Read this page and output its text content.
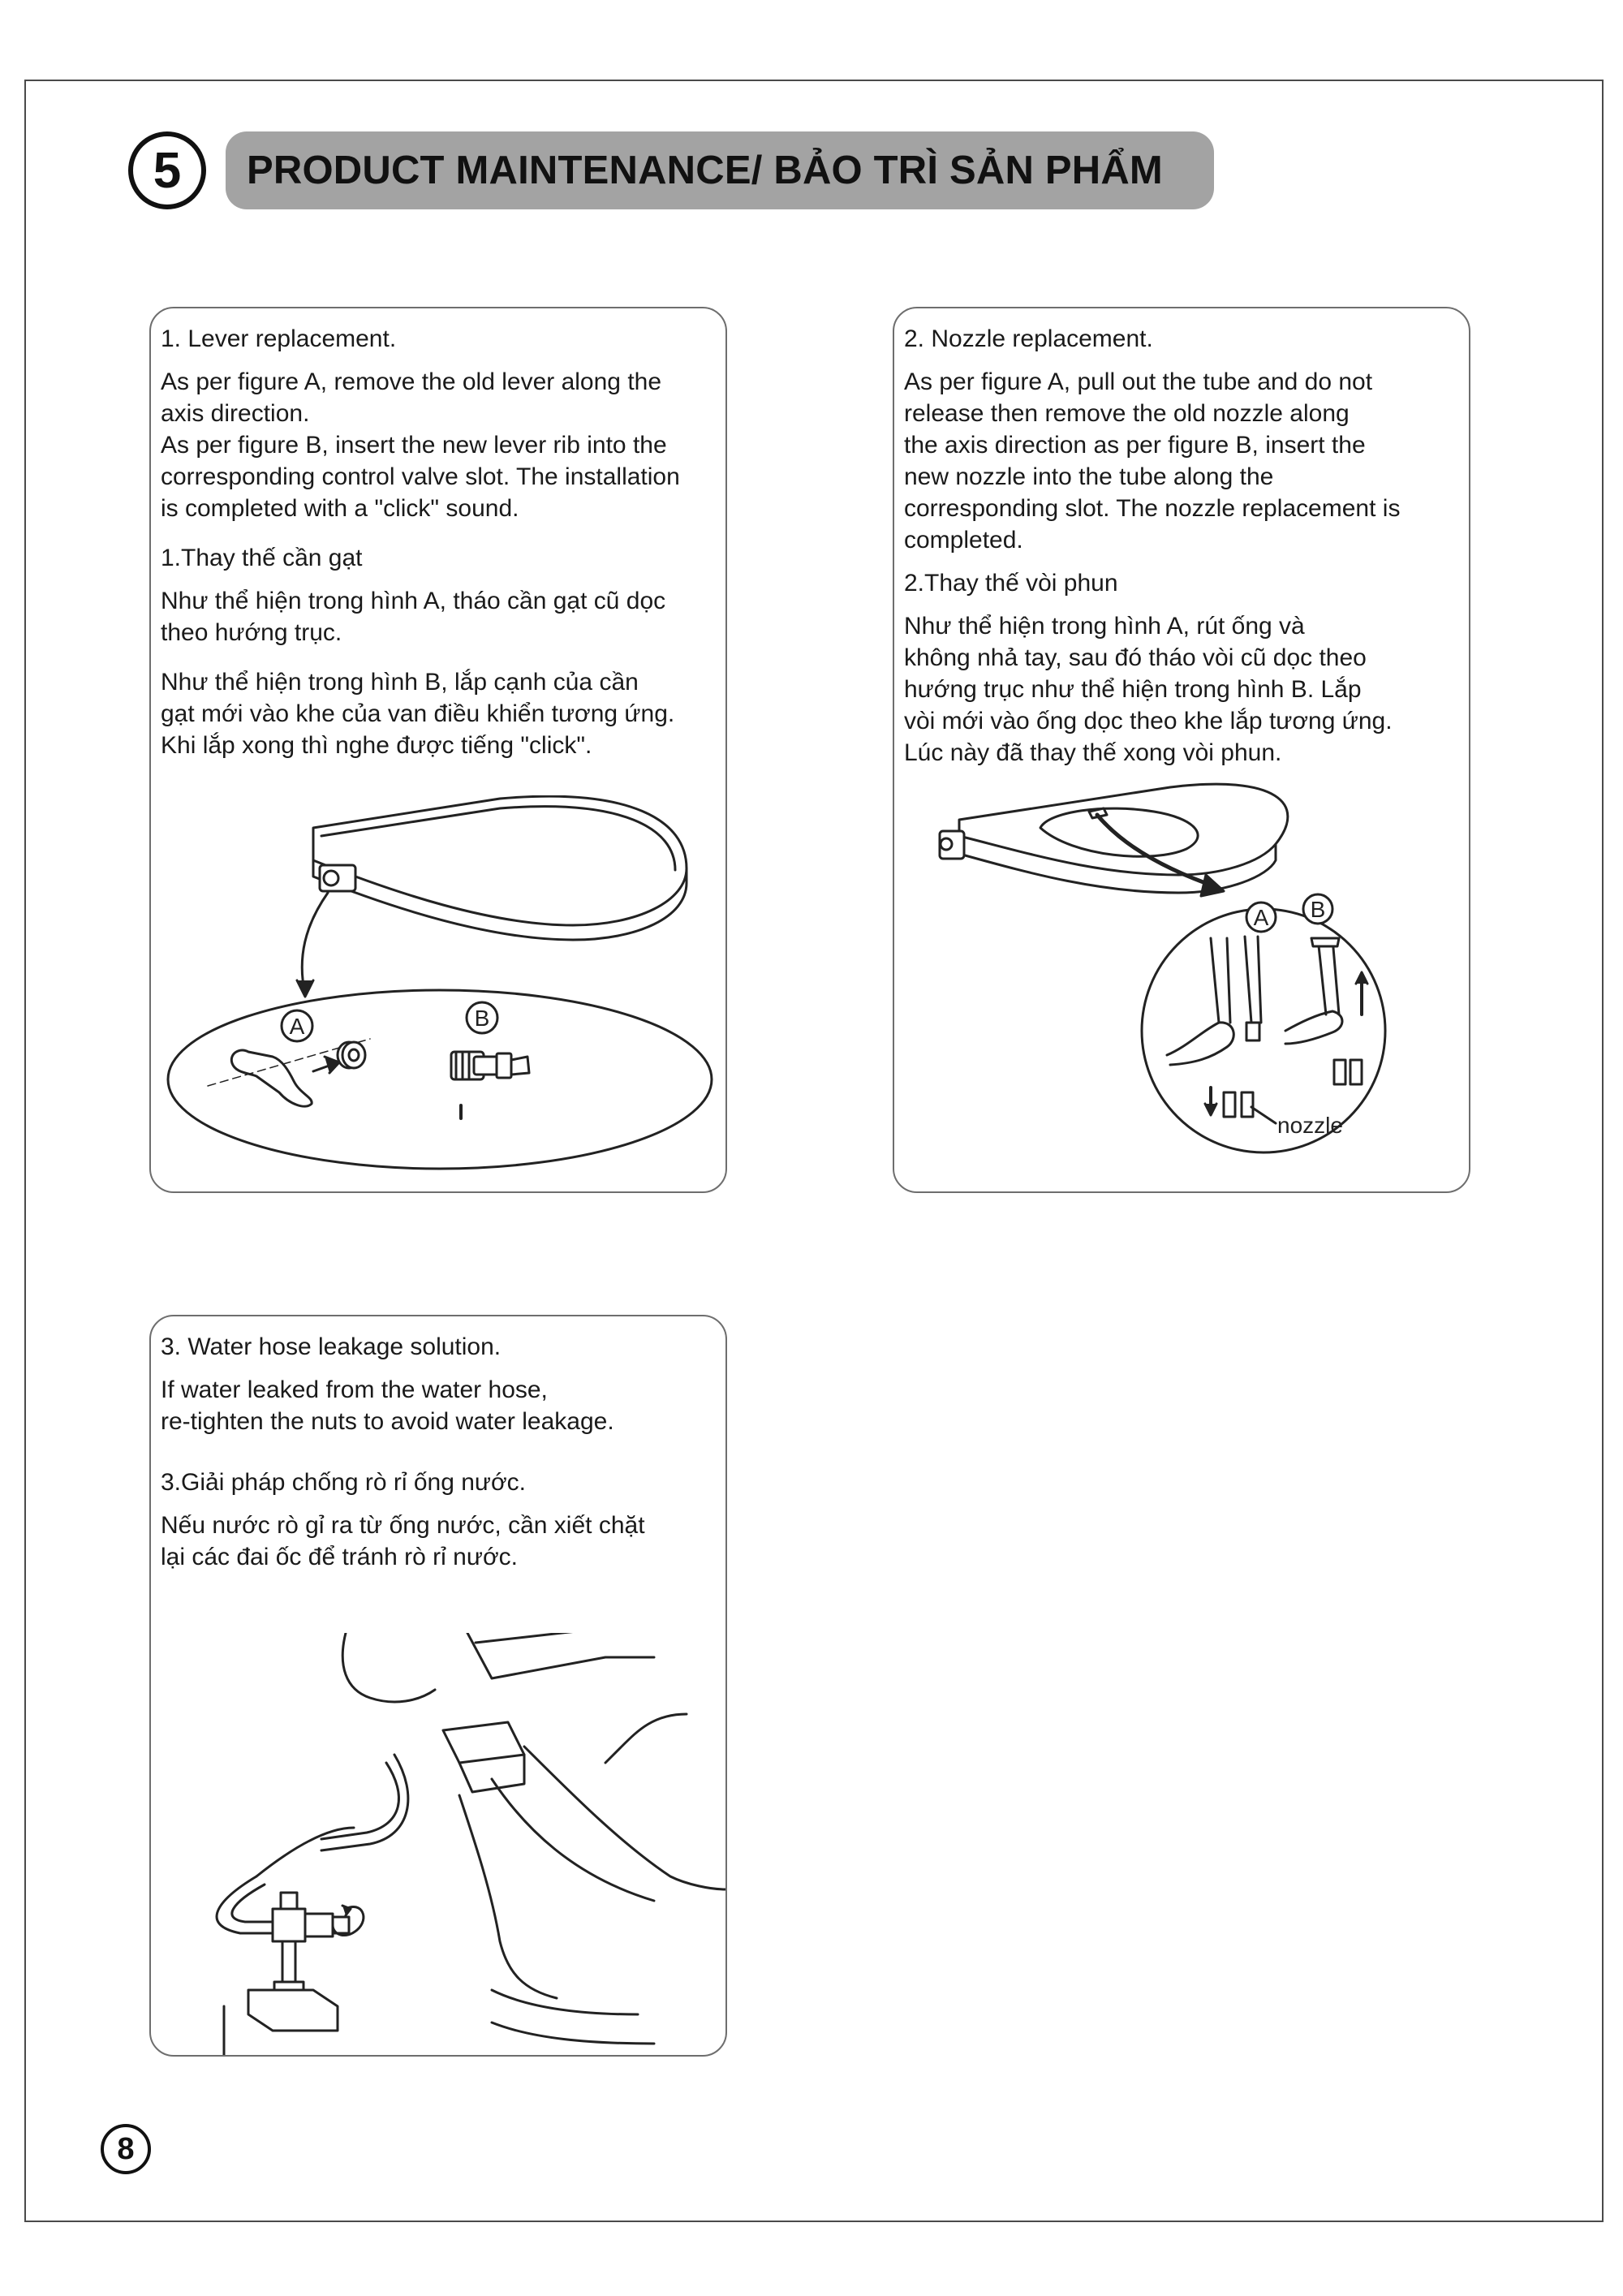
5	PRODUCT MAINTENANCE/ BẢO TRÌ SẢN PHẨM

1. Lever replacement.

As per figure A, remove the old lever along the

axis direction.

As per figure B, insert the new lever rib into the

corresponding control valve slot. The installation

is completed with a "click" sound.

1.Thay thế cần gạt

Như thể hiện trong hình A, tháo cần gạt cũ dọc

theo hướng trục.

Như thể hiện trong hình B, lắp cạnh của cần

gạt mới vào khe của van điều khiển tương ứng.

Khi lắp xong thì nghe được tiếng "click".

A	B

2. Nozzle replacement.

As per figure A, pull out the tube and do not

release then remove the old nozzle along

the axis direction as per figure B, insert the

new nozzle into the tube along the

corresponding slot. The nozzle replacement is

completed.

2.Thay thế vòi phun

Như thể hiện trong hình A, rút ống và

không nhả tay, sau đó tháo vòi cũ dọc theo

hướng trục như thể hiện trong hình B. Lắp

vòi mới vào ống dọc theo khe lắp tương ứng.

Lúc này đã thay thế xong vòi phun.

A B
nozzle

3. Water hose leakage solution.

If water leaked from the water hose,

re-tighten the nuts to avoid water leakage.

3.Giải pháp chống rò rỉ ống nước.

Nếu nước rò gỉ ra từ ống nước, cần xiết chặt

lại các đai ốc để tránh rò rỉ nước.

8
